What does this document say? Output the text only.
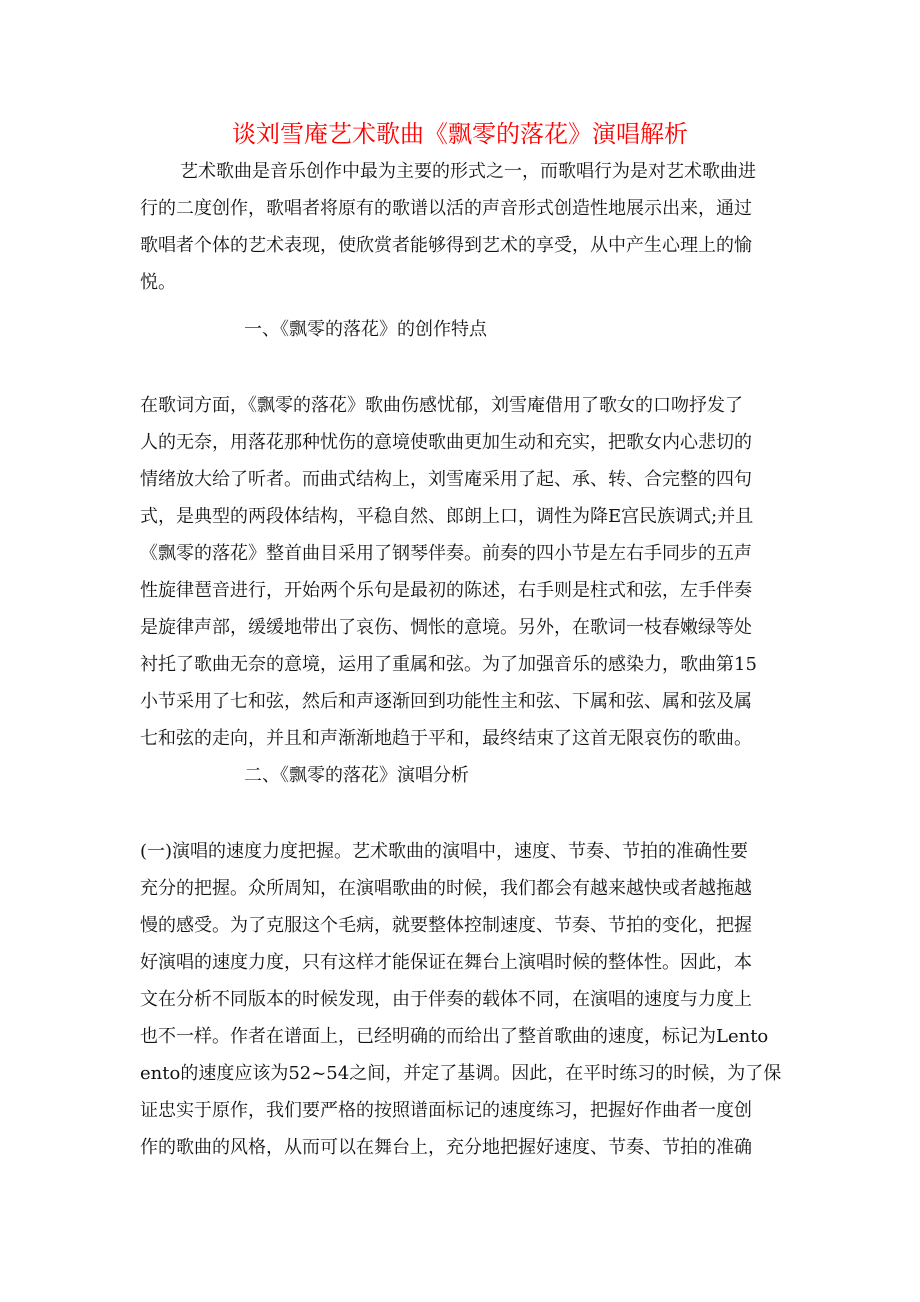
谈刘雪庵艺术歌曲《飘零的落花》演唱解析

艺术歌曲是音乐创作中最为主要的形式之一，而歌唱行为是对艺术歌曲进

行的二度创作，歌唱者将原有的歌谱以活的声音形式创造性地展示出来，通过

歌唱者个体的艺术表现，使欣赏者能够得到艺术的享受，从中产生心理上的愉

悦。

一、《飘零的落花》的创作特点

在歌词方面，《飘零的落花》歌曲伤感忧郁，刘雪庵借用了歌女的口吻抒发了

人的无奈，用落花那种忧伤的意境使歌曲更加生动和充实，把歌女内心悲切的

情绪放大给了听者。而曲式结构上，刘雪庵采用了起、承、转、合完整的四句

式，是典型的两段体结构，平稳自然、郎朗上口，调性为降E宫民族调式;并且

《飘零的落花》整首曲目采用了钢琴伴奏。前奏的四小节是左右手同步的五声

性旋律琶音进行，开始两个乐句是最初的陈述，右手则是柱式和弦，左手伴奏

是旋律声部，缓缓地带出了哀伤、惆怅的意境。另外，在歌词一枝春嫩绿等处

衬托了歌曲无奈的意境，运用了重属和弦。为了加强音乐的感染力，歌曲第15

小节采用了七和弦，然后和声逐渐回到功能性主和弦、下属和弦、属和弦及属

七和弦的走向，并且和声渐渐地趋于平和，最终结束了这首无限哀伤的歌曲。

二、《飘零的落花》演唱分析

(一)演唱的速度力度把握。艺术歌曲的演唱中，速度、节奏、节拍的准确性要

充分的把握。众所周知，在演唱歌曲的时候，我们都会有越来越快或者越拖越

慢的感受。为了克服这个毛病，就要整体控制速度、节奏、节拍的变化，把握

好演唱的速度力度，只有这样才能保证在舞台上演唱时候的整体性。因此，本

文在分析不同版本的时候发现，由于伴奏的载体不同，在演唱的速度与力度上

也不一样。作者在谱面上，已经明确的而给出了整首歌曲的速度，标记为Lento

ento的速度应该为52~54之间，并定了基调。因此，在平时练习的时候，为了保

证忠实于原作，我们要严格的按照谱面标记的速度练习，把握好作曲者一度创

作的歌曲的风格，从而可以在舞台上，充分地把握好速度、节奏、节拍的准确
